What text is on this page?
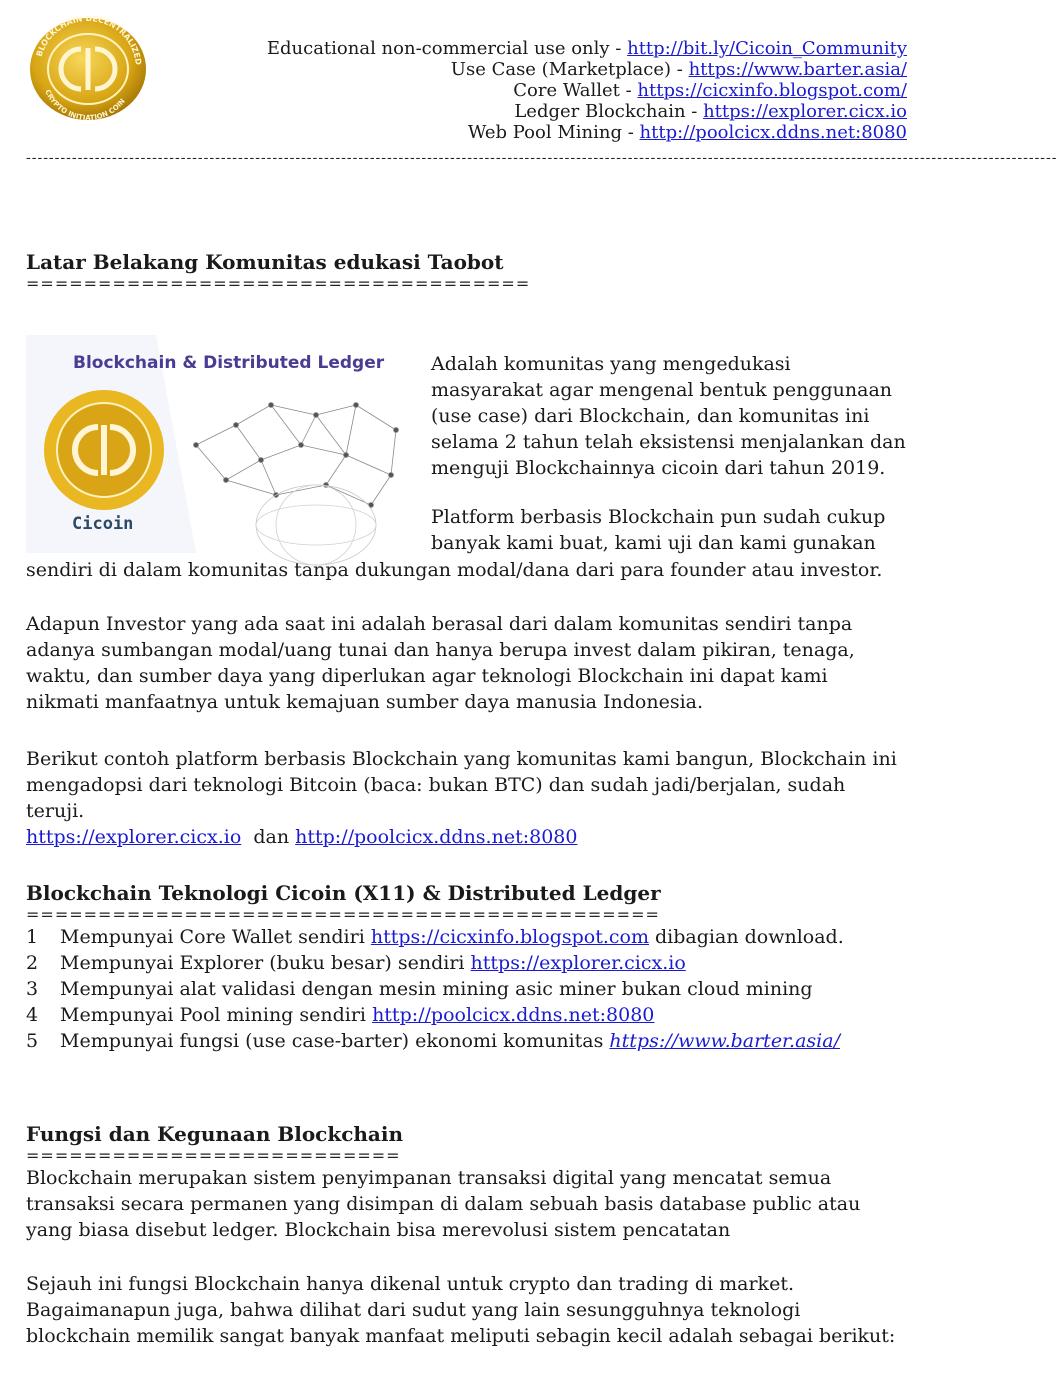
BLOCKCHAIN DECENTRALIZED
CRYPTO INITIATION COIN
Educational non-commercial use only - http://bit.ly/Cicoin_Community
Use Case (Marketplace) - https://www.barter.asia/
Core Wallet - https://cicxinfo.blogspot.com/
Ledger Blockchain - https://explorer.cicx.io
Web Pool Mining - http://poolcicx.ddns.net:8080
------------------------------------------------------------------------------------------------------------------------------------------------------------------------------------
Latar Belakang Komunitas edukasi Taobot
===================================
Blockchain & Distributed Ledger
Cicoin

Adalah komunitas yang mengedukasi masyarakat agar mengenal bentuk penggunaan (use case) dari Blockchain, dan komunitas ini selama 2 tahun telah eksistensi menjalankan dan menguji Blockchainnya cicoin dari tahun 2019.

Platform berbasis Blockchain pun sudah cukup banyak kami buat, kami uji dan kami gunakan

sendiri di dalam komunitas tanpa dukungan modal/dana dari para founder atau investor.

Adapun Investor yang ada saat ini adalah berasal dari dalam komunitas sendiri tanpa adanya sumbangan modal/uang tunai dan hanya berupa invest dalam pikiran, tenaga, waktu, dan sumber daya yang diperlukan agar teknologi Blockchain ini dapat kami nikmati manfaatnya untuk kemajuan sumber daya manusia Indonesia.

Berikut contoh platform berbasis Blockchain yang komunitas kami bangun, Blockchain ini mengadopsi dari teknologi Bitcoin (baca: bukan BTC) dan sudah jadi/berjalan, sudah teruji.

https://explorer.cicx.io dan http://poolcicx.ddns.net:8080

Blockchain Teknologi Cicoin (X11) & Distributed Ledger
============================================
1	Mempunyai Core Wallet sendiri https://cicxinfo.blogspot.com dibagian download.
2	Mempunyai Explorer (buku besar) sendiri https://explorer.cicx.io
3	Mempunyai alat validasi dengan mesin mining asic miner bukan cloud mining
4	Mempunyai Pool mining sendiri http://poolcicx.ddns.net:8080
5	Mempunyai fungsi (use case-barter) ekonomi komunitas https://www.barter.asia/
Fungsi dan Kegunaan Blockchain
==========================

Blockchain merupakan sistem penyimpanan transaksi digital yang mencatat semua transaksi secara permanen yang disimpan di dalam sebuah basis database public atau yang biasa disebut ledger. Blockchain bisa merevolusi sistem pencatatan

Sejauh ini fungsi Blockchain hanya dikenal untuk crypto dan trading di market. Bagaimanapun juga, bahwa dilihat dari sudut yang lain sesungguhnya teknologi blockchain memilik sangat banyak manfaat meliputi sebagin kecil adalah sebagai berikut:
